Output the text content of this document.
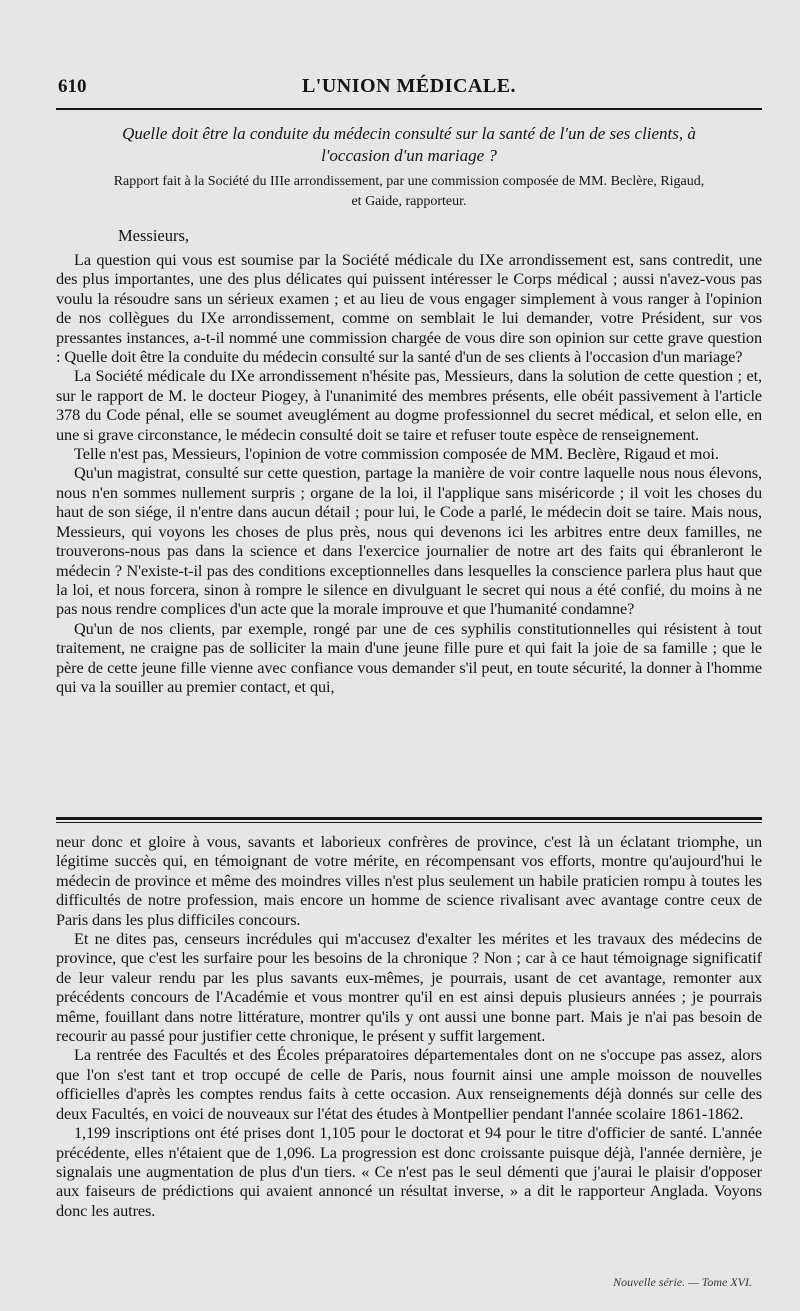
610	L'UNION MÉDICALE.
Quelle doit être la conduite du médecin consulté sur la santé de l'un de ses clients, à
l'occasion d'un mariage ?
Rapport fait à la Société du IIIe arrondissement, par une commission composée de MM. Beclère, Rigaud,
et Gaide, rapporteur.
Messieurs,

La question qui vous est soumise par la Société médicale du IXe arrondissement est, sans contredit, une des plus importantes, une des plus délicates qui puissent intéresser le Corps médical ; aussi n'avez-vous pas voulu la résoudre sans un sérieux examen ; et au lieu de vous engager simplement à vous ranger à l'opinion de nos collègues du IXe arrondissement, comme on semblait le lui demander, votre Président, sur vos pressantes instances, a-t-il nommé une commission chargée de vous dire son opinion sur cette grave question : Quelle doit être la conduite du médecin consulté sur la santé d'un de ses clients à l'occasion d'un mariage?

La Société médicale du IXe arrondissement n'hésite pas, Messieurs, dans la solution de cette question ; et, sur le rapport de M. le docteur Piogey, à l'unanimité des membres présents, elle obéit passivement à l'article 378 du Code pénal, elle se soumet aveuglément au dogme professionnel du secret médical, et selon elle, en une si grave circonstance, le médecin consulté doit se taire et refuser toute espèce de renseignement.

Telle n'est pas, Messieurs, l'opinion de votre commission composée de MM. Beclère, Rigaud et moi.

Qu'un magistrat, consulté sur cette question, partage la manière de voir contre laquelle nous nous élevons, nous n'en sommes nullement surpris ; organe de la loi, il l'applique sans miséricorde ; il voit les choses du haut de son siége, il n'entre dans aucun détail ; pour lui, le Code a parlé, le médecin doit se taire. Mais nous, Messieurs, qui voyons les choses de plus près, nous qui devenons ici les arbitres entre deux familles, ne trouverons-nous pas dans la science et dans l'exercice journalier de notre art des faits qui ébranleront le médecin ? N'existe-t-il pas des conditions exceptionnelles dans lesquelles la conscience parlera plus haut que la loi, et nous forcera, sinon à rompre le silence en divulguant le secret qui nous a été confié, du moins à ne pas nous rendre complices d'un acte que la morale improuve et que l'humanité condamne?

Qu'un de nos clients, par exemple, rongé par une de ces syphilis constitutionnelles qui résistent à tout traitement, ne craigne pas de solliciter la main d'une jeune fille pure et qui fait la joie de sa famille ; que le père de cette jeune fille vienne avec confiance vous demander s'il peut, en toute sécurité, la donner à l'homme qui va la souiller au premier contact, et qui,

neur donc et gloire à vous, savants et laborieux confrères de province, c'est là un éclatant triomphe, un légitime succès qui, en témoignant de votre mérite, en récompensant vos efforts, montre qu'aujourd'hui le médecin de province et même des moindres villes n'est plus seulement un habile praticien rompu à toutes les difficultés de notre profession, mais encore un homme de science rivalisant avec avantage contre ceux de Paris dans les plus difficiles concours.

Et ne dites pas, censeurs incrédules qui m'accusez d'exalter les mérites et les travaux des médecins de province, que c'est les surfaire pour les besoins de la chronique ? Non ; car à ce haut témoignage significatif de leur valeur rendu par les plus savants eux-mêmes, je pourrais, usant de cet avantage, remonter aux précédents concours de l'Académie et vous montrer qu'il en est ainsi depuis plusieurs années ; je pourrais même, fouillant dans notre littérature, montrer qu'ils y ont aussi une bonne part. Mais je n'ai pas besoin de recourir au passé pour justifier cette chronique, le présent y suffit largement.

La rentrée des Facultés et des Écoles préparatoires départementales dont on ne s'occupe pas assez, alors que l'on s'est tant et trop occupé de celle de Paris, nous fournit ainsi une ample moisson de nouvelles officielles d'après les comptes rendus faits à cette occasion. Aux renseignements déjà donnés sur celle des deux Facultés, en voici de nouveaux sur l'état des études à Montpellier pendant l'année scolaire 1861-1862.

1,199 inscriptions ont été prises dont 1,105 pour le doctorat et 94 pour le titre d'officier de santé. L'année précédente, elles n'étaient que de 1,096. La progression est donc croissante puisque déjà, l'année dernière, je signalais une augmentation de plus d'un tiers. « Ce n'est pas le seul démenti que j'aurai le plaisir d'opposer aux faiseurs de prédictions qui avaient annoncé un résultat inverse, » a dit le rapporteur Anglada. Voyons donc les autres.

Nouvelle série. — Tome XVI.
